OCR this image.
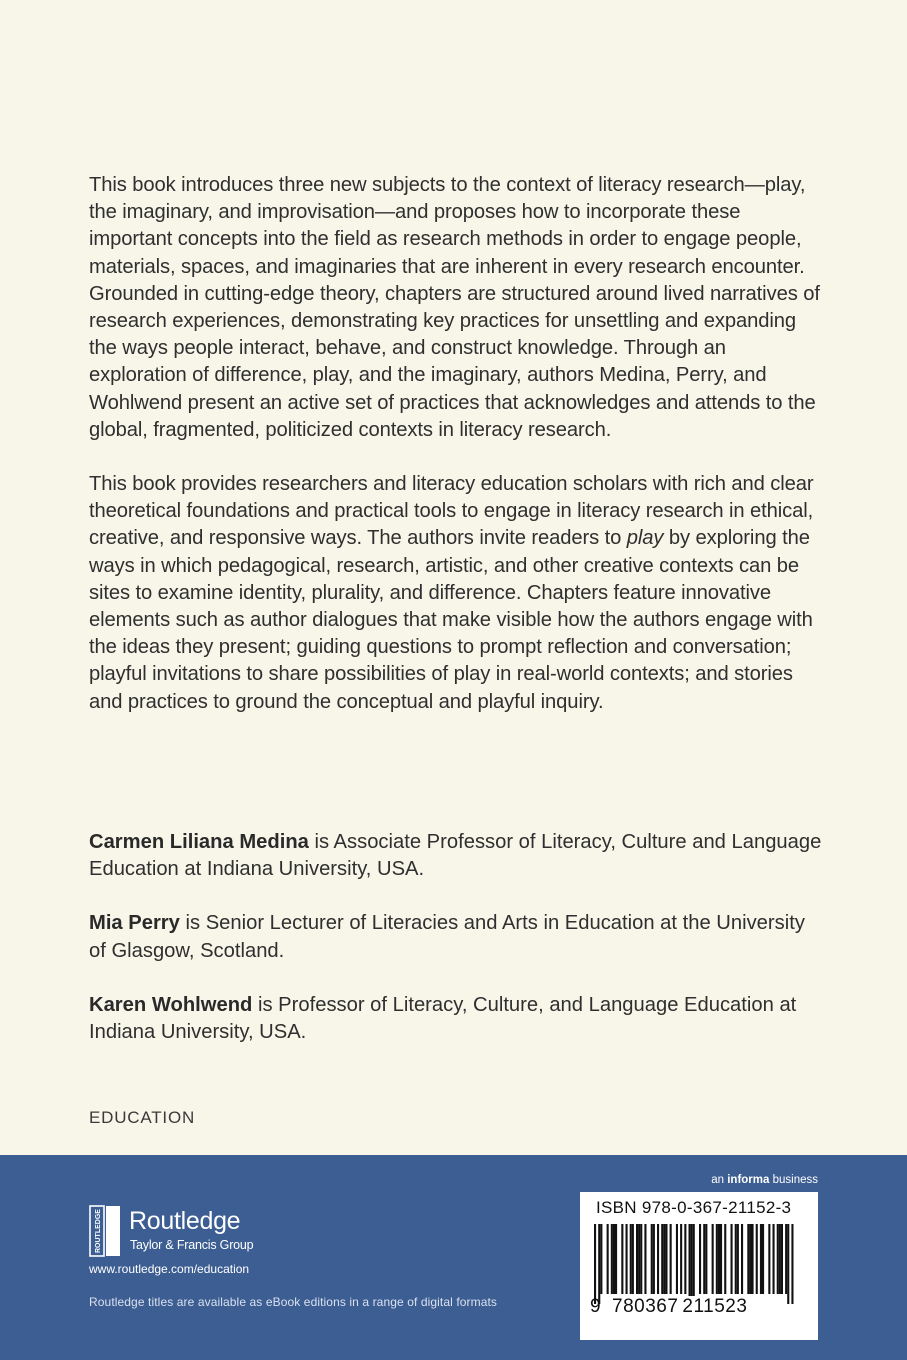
This book introduces three new subjects to the context of literacy research—play, the imaginary, and improvisation—and proposes how to incorporate these important concepts into the field as research methods in order to engage people, materials, spaces, and imaginaries that are inherent in every research encounter. Grounded in cutting-edge theory, chapters are structured around lived narratives of research experiences, demonstrating key practices for unsettling and expanding the ways people interact, behave, and construct knowledge. Through an exploration of difference, play, and the imaginary, authors Medina, Perry, and Wohlwend present an active set of practices that acknowledges and attends to the global, fragmented, politicized contexts in literacy research.

This book provides researchers and literacy education scholars with rich and clear theoretical foundations and practical tools to engage in literacy research in ethical, creative, and responsive ways. The authors invite readers to play by exploring the ways in which pedagogical, research, artistic, and other creative contexts can be sites to examine identity, plurality, and difference. Chapters feature innovative elements such as author dialogues that make visible how the authors engage with the ideas they present; guiding questions to prompt reflection and conversation; playful invitations to share possibilities of play in real-world contexts; and stories and practices to ground the conceptual and playful inquiry.

Carmen Liliana Medina is Associate Professor of Literacy, Culture and Language Education at Indiana University, USA.

Mia Perry is Senior Lecturer of Literacies and Arts in Education at the University of Glasgow, Scotland.

Karen Wohlwend is Professor of Literacy, Culture, and Language Education at Indiana University, USA.

EDUCATION
an informa business
ROUTLEDGE Routledge
Taylor & Francis Group
www.routledge.com/education
Routledge titles are available as eBook editions in a range of digital formats
ISBN 978-0-367-21152-3
9 780367 211523
